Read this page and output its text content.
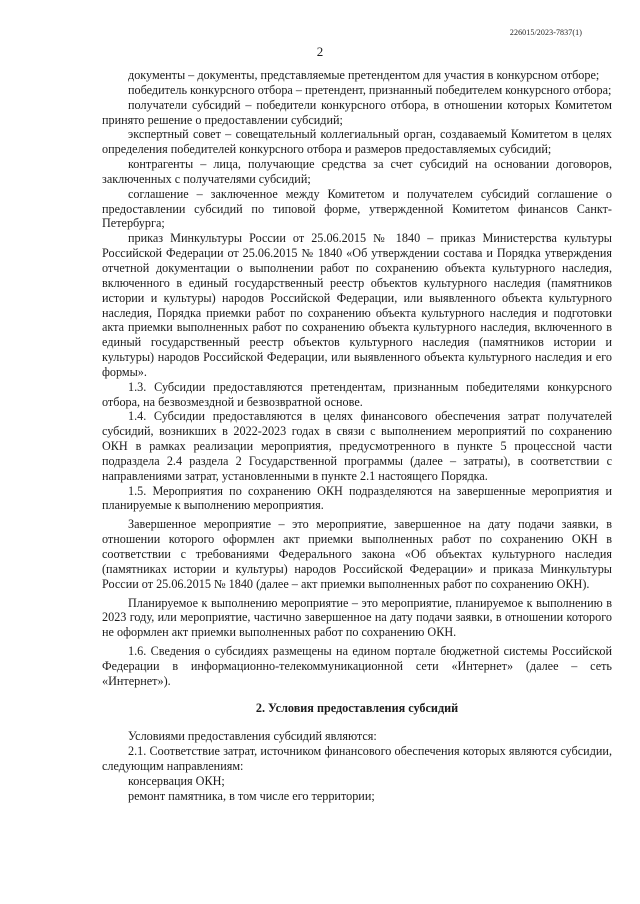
226015/2023-7837(1)
2

документы – документы, представляемые претендентом для участия в конкурсном отборе;

победитель конкурсного отбора – претендент, признанный победителем конкурсного отбора;

получатели субсидий – победители конкурсного отбора, в отношении которых Комитетом принято решение о предоставлении субсидий;

экспертный совет – совещательный коллегиальный орган, создаваемый Комитетом в целях определения победителей конкурсного отбора и размеров предоставляемых субсидий;

контрагенты – лица, получающие средства за счет субсидий на основании договоров, заключенных с получателями субсидий;

соглашение – заключенное между Комитетом и получателем субсидий соглашение о предоставлении субсидий по типовой форме, утвержденной Комитетом финансов Санкт-Петербурга;

приказ Минкультуры России от 25.06.2015 № 1840 – приказ Министерства культуры Российской Федерации от 25.06.2015 № 1840 «Об утверждении состава и Порядка утверждения отчетной документации о выполнении работ по сохранению объекта культурного наследия, включенного в единый государственный реестр объектов культурного наследия (памятников истории и культуры) народов Российской Федерации, или выявленного объекта культурного наследия, Порядка приемки работ по сохранению объекта культурного наследия и подготовки акта приемки выполненных работ по сохранению объекта культурного наследия, включенного в единый государственный реестр объектов культурного наследия (памятников истории и культуры) народов Российской Федерации, или выявленного объекта культурного наследия и его формы».

1.3. Субсидии предоставляются претендентам, признанным победителями конкурсного отбора, на безвозмездной и безвозвратной основе.

1.4. Субсидии предоставляются в целях финансового обеспечения затрат получателей субсидий, возникших в 2022-2023 годах в связи с выполнением мероприятий по сохранению ОКН в рамках реализации мероприятия, предусмотренного в пункте 5 процессной части подраздела 2.4 раздела 2 Государственной программы (далее – затраты), в соответствии с направлениями затрат, установленными в пункте 2.1 настоящего Порядка.

1.5. Мероприятия по сохранению ОКН подразделяются на завершенные мероприятия и планируемые к выполнению мероприятия.

Завершенное мероприятие – это мероприятие, завершенное на дату подачи заявки, в отношении которого оформлен акт приемки выполненных работ по сохранению ОКН в соответствии с требованиями Федерального закона «Об объектах культурного наследия (памятниках истории и культуры) народов Российской Федерации» и приказа Минкультуры России от 25.06.2015 № 1840 (далее – акт приемки выполненных работ по сохранению ОКН).

Планируемое к выполнению мероприятие – это мероприятие, планируемое к выполнению в 2023 году, или мероприятие, частично завершенное на дату подачи заявки, в отношении которого не оформлен акт приемки выполненных работ по сохранению ОКН.

1.6. Сведения о субсидиях размещены на едином портале бюджетной системы Российской Федерации в информационно-телекоммуникационной сети «Интернет» (далее – сеть «Интернет»).

2. Условия предоставления субсидий

Условиями предоставления субсидий являются:

2.1. Соответствие затрат, источником финансового обеспечения которых являются субсидии, следующим направлениям:

консервация ОКН;

ремонт памятника, в том числе его территории;
